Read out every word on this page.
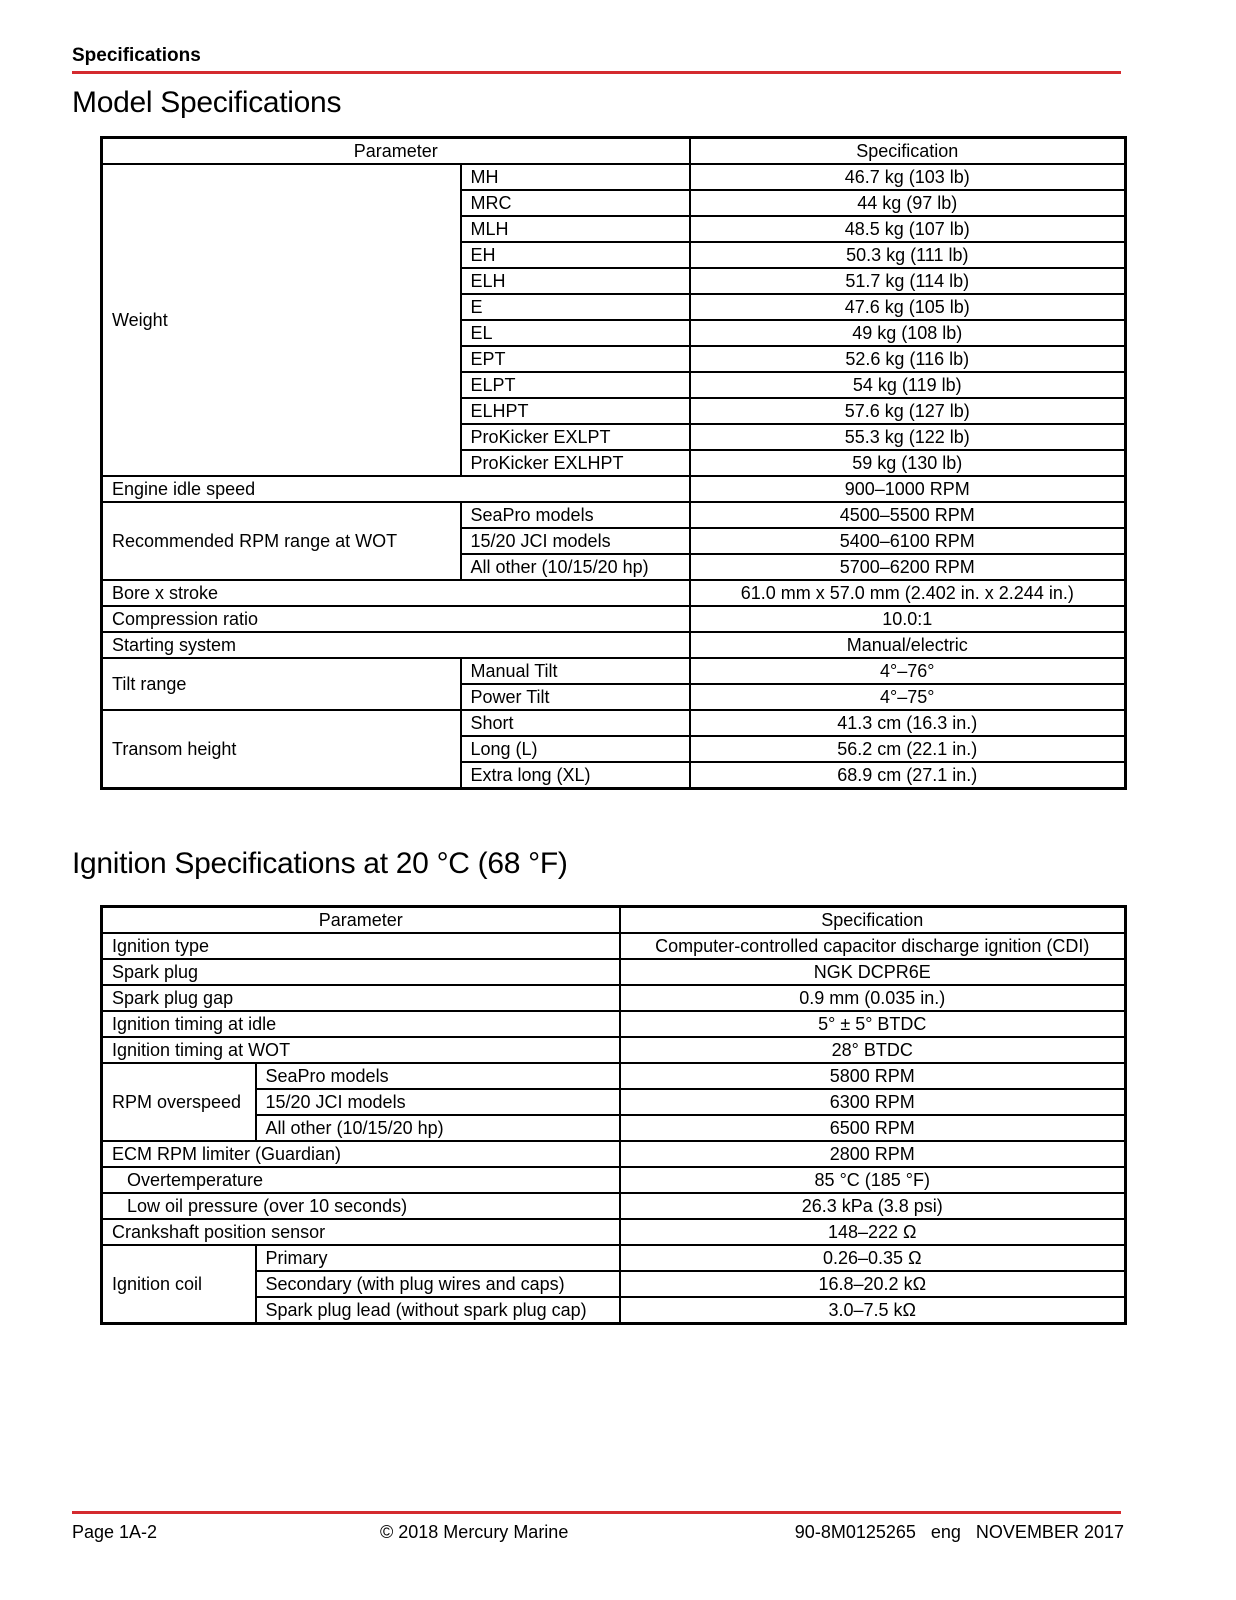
Specifications
Model Specifications
Parameter		Specification
Weight	MH	46.7 kg (103 lb)
	MRC	44 kg (97 lb)
	MLH	48.5 kg (107 lb)
	EH	50.3 kg (111 lb)
	ELH	51.7 kg (114 lb)
	E	47.6 kg (105 lb)
	EL	49 kg (108 lb)
	EPT	52.6 kg (116 lb)
	ELPT	54 kg (119 lb)
	ELHPT	57.6 kg (127 lb)
	ProKicker EXLPT	55.3 kg (122 lb)
	ProKicker EXLHPT	59 kg (130 lb)
Engine idle speed		900–1000 RPM
Recommended RPM range at WOT	SeaPro models	4500–5500 RPM
	15/20 JCI models	5400–6100 RPM
	All other (10/15/20 hp)	5700–6200 RPM
Bore x stroke		61.0 mm x 57.0 mm (2.402 in. x 2.244 in.)
Compression ratio		10.0:1
Starting system		Manual/electric
Tilt range	Manual Tilt	4°–76°
	Power Tilt	4°–75°
Transom height	Short	41.3 cm (16.3 in.)
	Long (L)	56.2 cm (22.1 in.)
	Extra long (XL)	68.9 cm (27.1 in.)
Ignition Specifications at 20 °C (68 °F)
Parameter		Specification
Ignition type		Computer-controlled capacitor discharge ignition (CDI)
Spark plug		NGK DCPR6E
Spark plug gap		0.9 mm (0.035 in.)
Ignition timing at idle		5° ± 5° BTDC
Ignition timing at WOT		28° BTDC
RPM overspeed	SeaPro models	5800 RPM
	15/20 JCI models	6300 RPM
	All other (10/15/20 hp)	6500 RPM
ECM RPM limiter (Guardian)		2800 RPM
Overtemperature		85 °C (185 °F)
Low oil pressure (over 10 seconds)		26.3 kPa (3.8 psi)
Crankshaft position sensor		148–222 Ω
Ignition coil	Primary	0.26–0.35 Ω
	Secondary (with plug wires and caps)	16.8–20.2 kΩ
	Spark plug lead (without spark plug cap)	3.0–7.5 kΩ
Page 1A-2	© 2018 Mercury Marine	90-8M0125265   eng   NOVEMBER 2017
